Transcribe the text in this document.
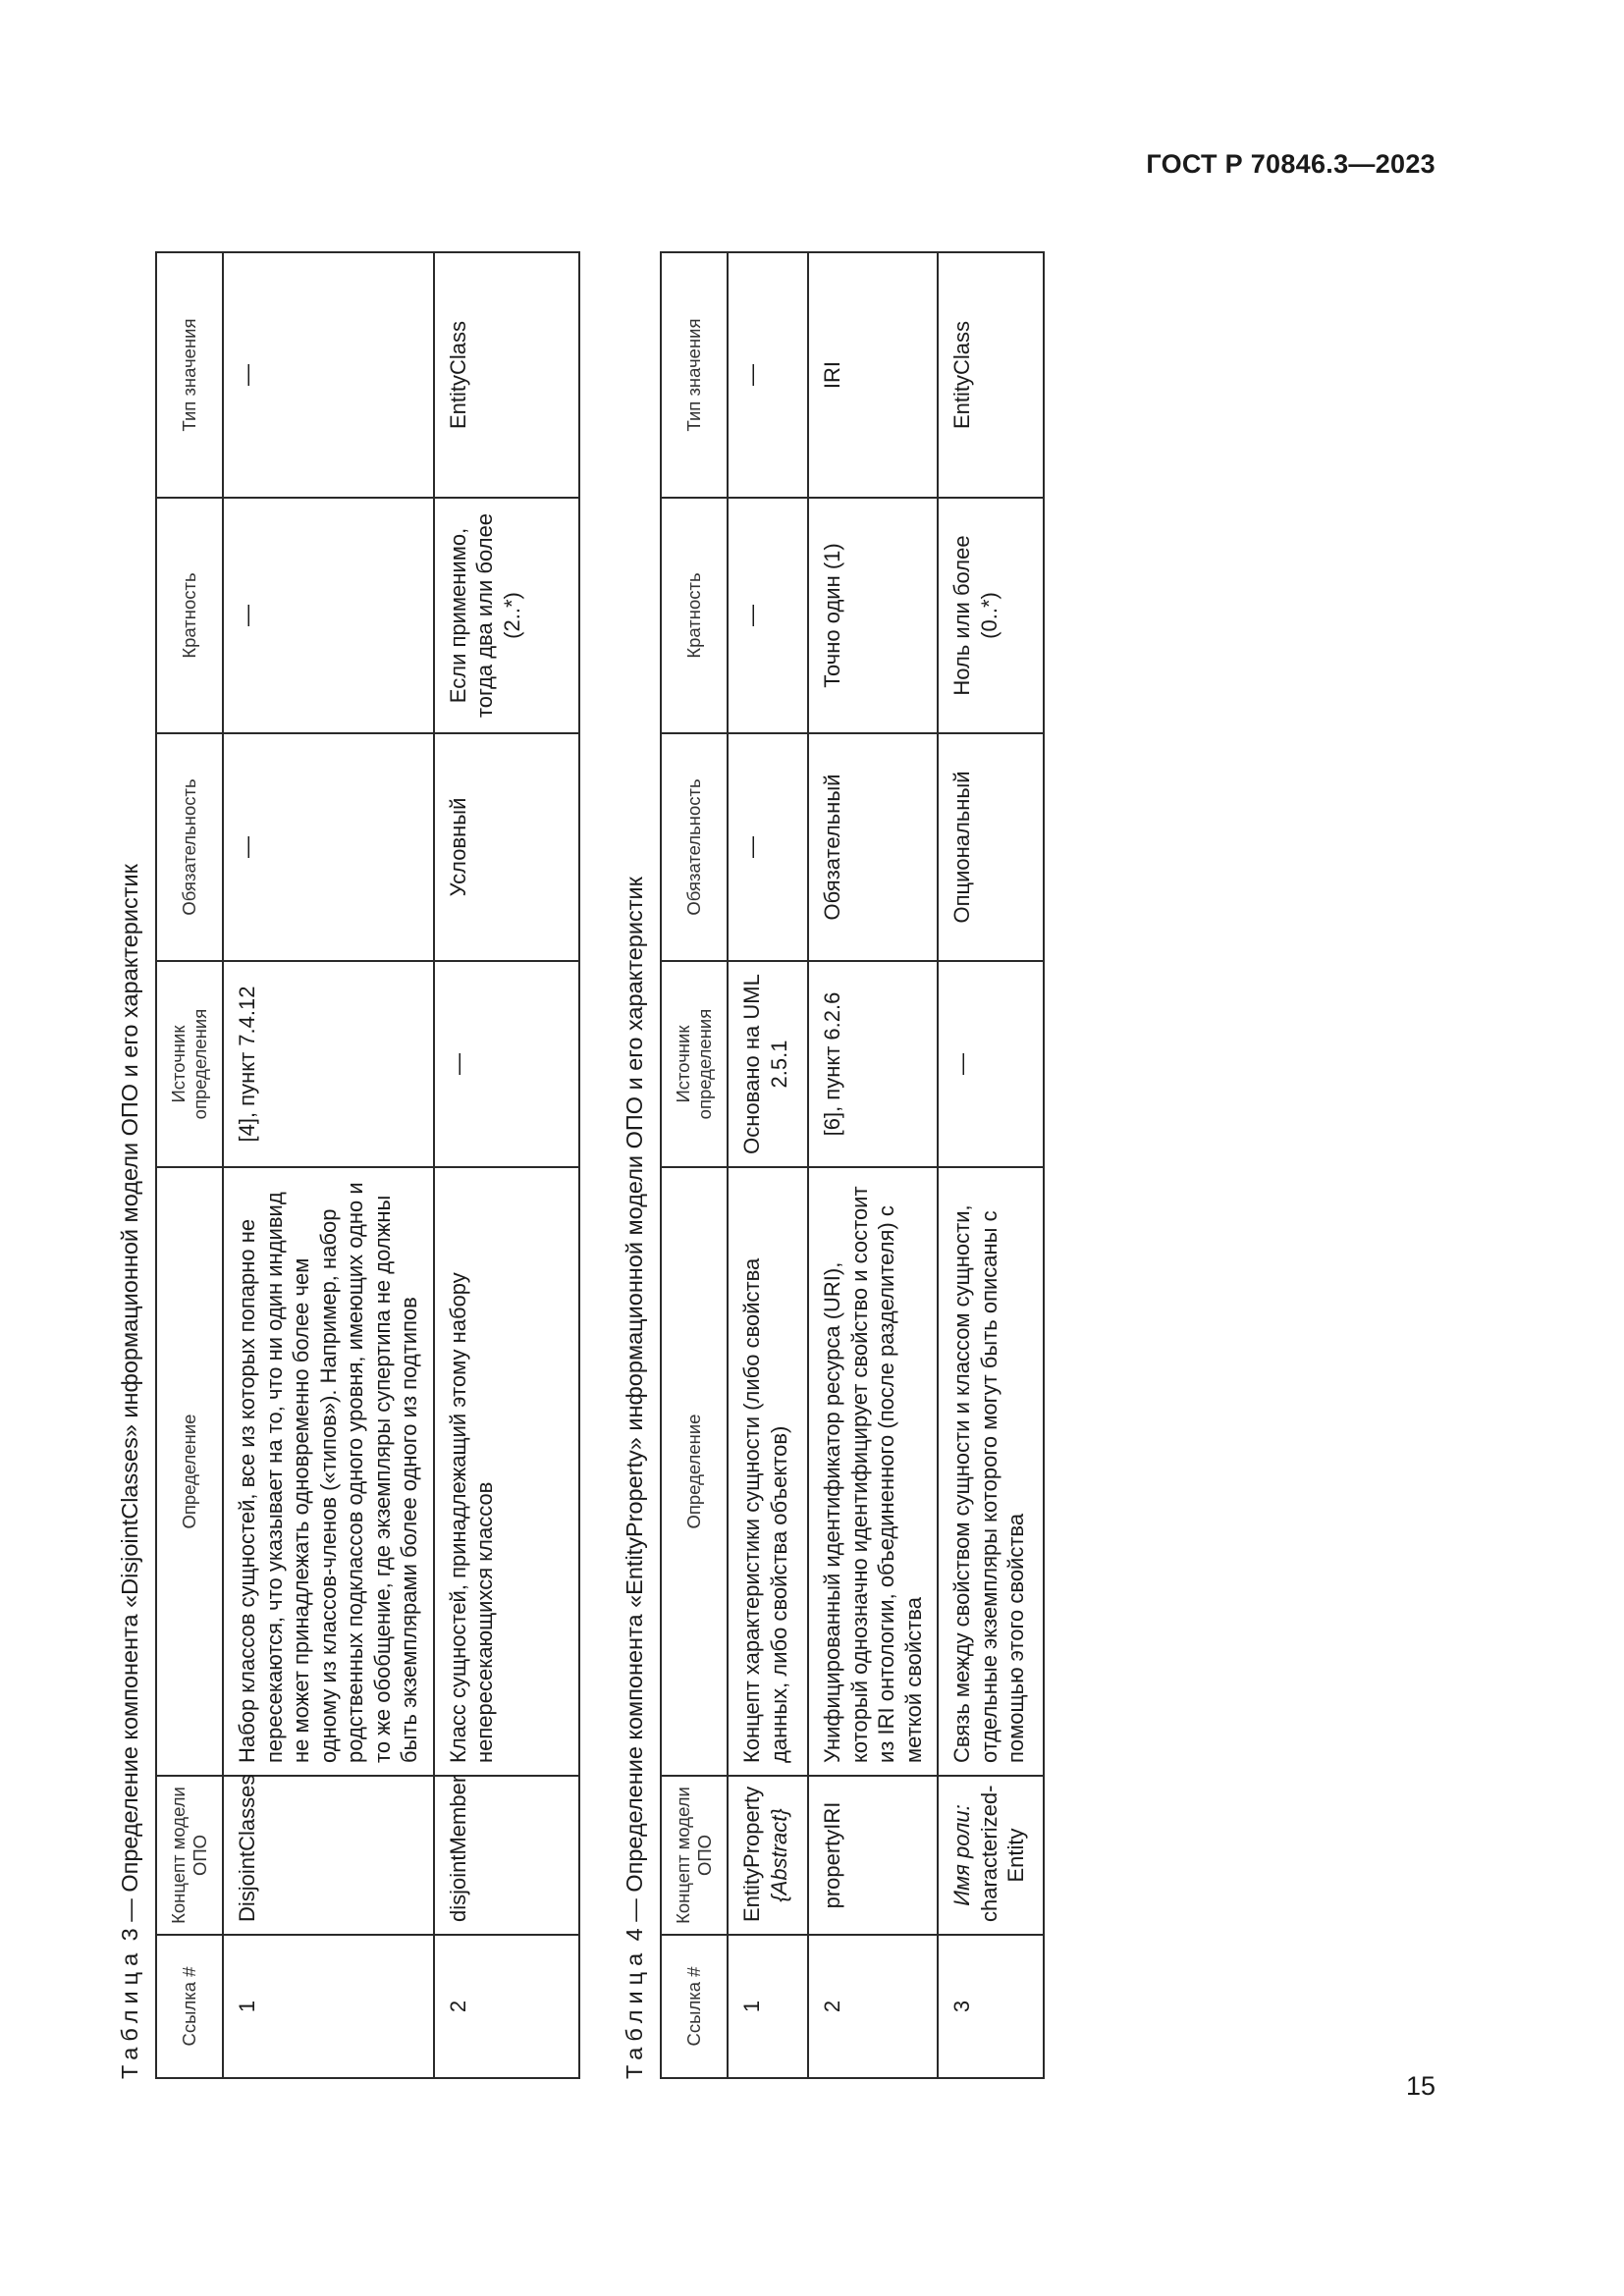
ГОСТ Р 70846.3—2023
Таблица 3 — Определение компонента «DisjointClasses» информационной модели ОПО и его характеристик
Ссылка #	Концепт модели ОПО	Определение	Источник определения	Обязательность	Кратность	Тип значения
1	DisjointClasses	Набор классов сущностей, все из которых попарно не пересекаются, что указывает на то, что ни один индивид не может принадлежать одновременно более чем одному из классов-членов («типов»). Например, набор родственных подклассов одного уровня, имеющих одно и то же обобщение, где экземпляры супертипа не должны быть экземплярами более одного из подтипов	[4], пункт 7.4.12	—	—	—
2	disjointMember	Класс сущностей, принадлежащий этому набору непересекающихся классов	—	Условный	Если применимо, тогда два или более (2..*)	EntityClass
Таблица 4 — Определение компонента «EntityProperty» информационной модели ОПО и его характеристик
Ссылка #	Концепт модели ОПО	Определение	Источник определения	Обязательность	Кратность	Тип значения
1	EntityProperty {Abstract}	Концепт характеристики сущности (либо свойства данных, либо свойства объектов)	Основано на UML 2.5.1	—	—	—
2	propertyIRI	Унифицированный идентификатор ресурса (URI), который однозначно идентифицирует свойство и состоит из IRI онтологии, объединенного (после разделителя) с меткой свойства	[6], пункт 6.2.6	Обязательный	Точно один (1)	IRI
3	Имя роли: characterized-Entity	Связь между свойством сущности и классом сущности, отдельные экземпляры которого могут быть описаны с помощью этого свойства	—	Опциональный	Ноль или более (0..*)	EntityClass
15
